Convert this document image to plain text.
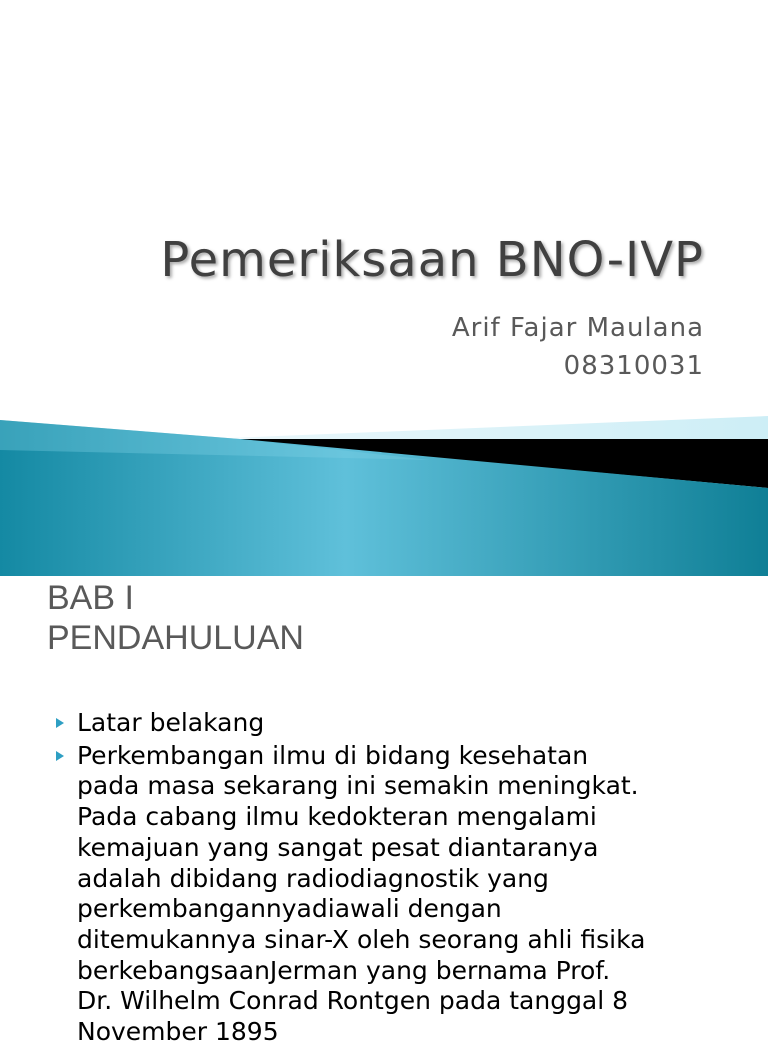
Pemeriksaan BNO-IVP
Arif Fajar Maulana
08310031
BAB I
PENDAHULUAN
Latar belakang
Perkembangan ilmu di bidang kesehatan
pada masa sekarang ini semakin meningkat.
Pada cabang ilmu kedokteran mengalami
kemajuan yang sangat pesat diantaranya
adalah dibidang radiodiagnostik yang
perkembangannyadiawali dengan
ditemukannya sinar-X oleh seorang ahli fisika
berkebangsaanJerman yang bernama Prof.
Dr. Wilhelm Conrad Rontgen pada tanggal 8
November 1895
